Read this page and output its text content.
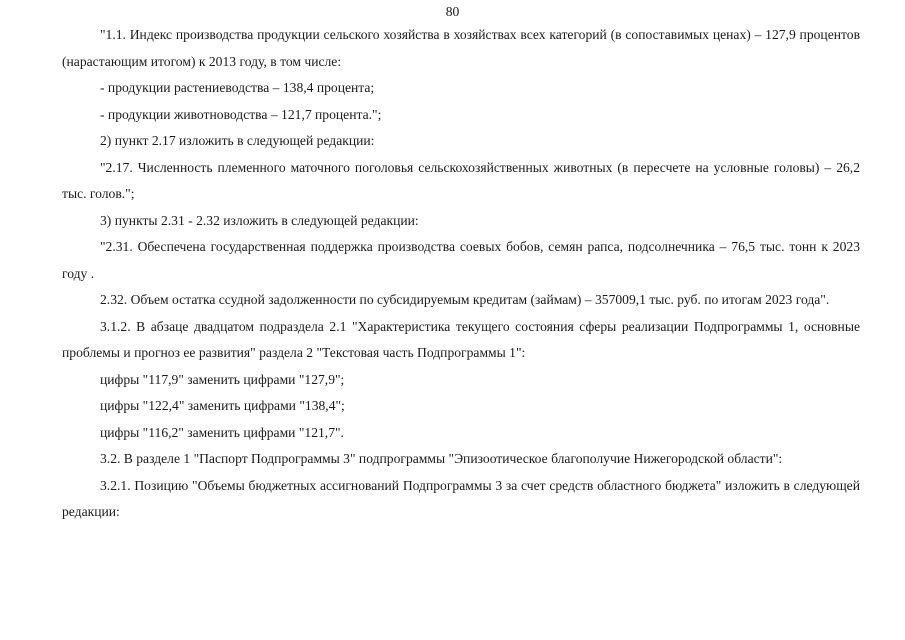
80

"1.1. Индекс производства продукции сельского хозяйства в хозяйствах всех категорий (в сопоставимых ценах) – 127,9 процентов (нарастающим итогом) к 2013 году, в том числе:

- продукции растениеводства – 138,4 процента;

- продукции животноводства – 121,7 процента.";

2) пункт 2.17 изложить в следующей редакции:

"2.17. Численность племенного маточного поголовья сельскохозяйственных животных (в пересчете на условные головы) – 26,2 тыс. голов.";

3) пункты 2.31 - 2.32 изложить в следующей редакции:

"2.31. Обеспечена государственная поддержка производства соевых бобов, семян рапса, подсолнечника – 76,5 тыс. тонн к 2023 году .

2.32. Объем остатка ссудной задолженности по субсидируемым кредитам (займам) – 357009,1 тыс. руб. по итогам 2023 года".

3.1.2. В абзаце двадцатом подраздела 2.1 "Характеристика текущего состояния сферы реализации Подпрограммы 1, основные проблемы и прогноз ее развития" раздела 2 "Текстовая часть Подпрограммы 1":

цифры "117,9" заменить цифрами "127,9";

цифры "122,4" заменить цифрами "138,4";

цифры "116,2" заменить цифрами "121,7".

3.2. В разделе 1 "Паспорт Подпрограммы 3" подпрограммы "Эпизоотическое благополучие Нижегородской области":

3.2.1. Позицию "Объемы бюджетных ассигнований Подпрограммы 3 за счет средств областного бюджета" изложить в следующей редакции:
